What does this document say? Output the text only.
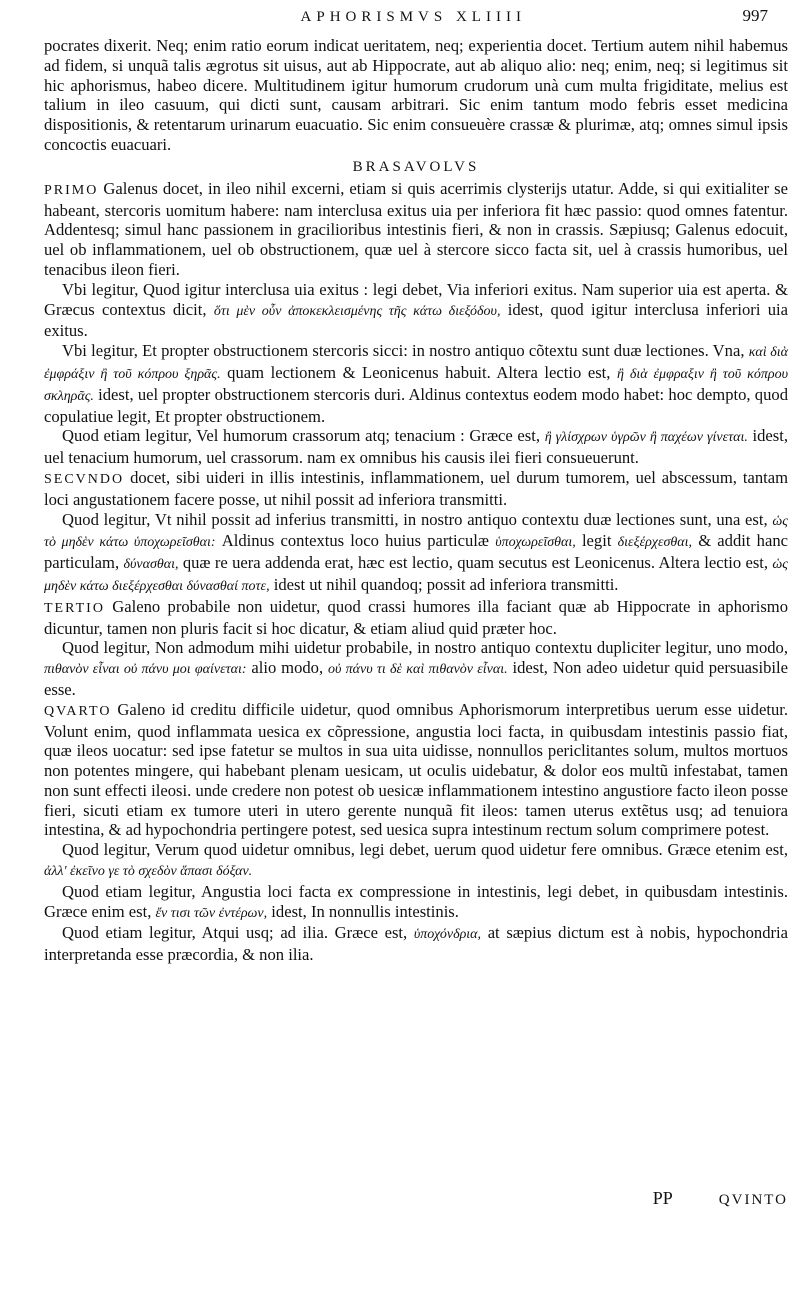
APHORISMVS XLIIII	997

pocrates dixerit. Neq; enim ratio eorum indicat ueritatem, neq; experientia docet. Tertium autem nihil habemus ad fidem, si unquã talis ægrotus sit uisus, aut ab Hippocrate, aut ab aliquo alio: neq; enim, neq; si legitimus sit hic aphorismus, habeo dicere. Multitudinem igitur humorum crudorum unà cum multa frigiditate, melius est talium in ileo casuum, qui dicti sunt, causam arbitrari. Sic enim tantum modo febris esset medicina dispositionis, & retentarum urinarum euacuatio. Sic enim consueuère crassæ & plurimæ, atq; omnes simul ipsis concoctis euacuari.

BRASAVOLVS

PRIMO Galenus docet, in ileo nihil excerni, etiam si quis acerrimis clysterijs utatur. Adde, si qui exitialiter se habeant, stercoris uomitum habere: nam interclusa exitus uia per inferiora fit hæc passio: quod omnes fatentur. Addentesq; simul hanc passionem in gracilioribus intestinis fieri, & non in crassis. Sæpiusq; Galenus edocuit, uel ob inflammationem, uel ob obstructionem, quæ uel à stercore sicco facta sit, uel à crassis humoribus, uel tenacibus ileon fieri.

Vbi legitur, Quod igitur interclusa uia exitus : legi debet, Via inferiori exitus. Nam superior uia est aperta. & Græcus contextus dicit, ὅτι μὲν οὖν ἀποκεκλεισμένης τῆς κάτω διεξόδου, idest, quod igitur interclusa inferiori uia exitus.

Vbi legitur, Et propter obstructionem stercoris sicci: in nostro antiquo cõtextu sunt duæ lectiones. Vna, καὶ διὰ ἐμφράξιν ἢ τοῦ κόπρου ξηρᾶς. quam lectionem & Leonicenus habuit. Altera lectio est, ἢ διὰ ἐμφραξιν ἢ τοῦ κόπρου σκληρᾶς. idest, uel propter obstructionem stercoris duri. Aldinus contextus eodem modo habet: hoc dempto, quod copulatiue legit, Et propter obstructionem.

Quod etiam legitur, Vel humorum crassorum atq; tenacium : Græce est, ἢ γλίσχρων ὑγρῶν ἢ παχέων γίνεται. idest, uel tenacium humorum, uel crassorum. nam ex omnibus his causis ilei fieri consueuerunt.

SECVNDO docet, sibi uideri in illis intestinis, inflammationem, uel durum tumorem, uel abscessum, tantam loci angustationem facere posse, ut nihil possit ad inferiora transmitti.

Quod legitur, Vt nihil possit ad inferius transmitti, in nostro antiquo contextu duæ lectiones sunt, una est, ὡς τὸ μηδὲν κάτω ὑποχωρεῖσθαι: Aldinus contextus loco huius particulæ ὑποχωρεῖσθαι, legit διεξέρχεσθαι, & addit hanc particulam, δύνασθαι, quæ re uera addenda erat, hæc est lectio, quam secutus est Leonicenus. Altera lectio est, ὡς μηδὲν κάτω διεξέρχεσθαι δύνασθαί ποτε, idest ut nihil quandoq; possit ad inferiora transmitti.

TERTIO Galeno probabile non uidetur, quod crassi humores illa faciant quæ ab Hippocrate in aphorismo dicuntur, tamen non pluris facit si hoc dicatur, & etiam aliud quid præter hoc.

Quod legitur, Non admodum mihi uidetur probabile, in nostro antiquo contextu dupliciter legitur, uno modo, πιθανὸν εἶναι οὐ πάνυ μοι φαίνεται: alio modo, οὐ πάνυ τι δὲ καὶ πιθανὸν εἶναι. idest, Non adeo uidetur quid persuasibile esse.

QVARTO Galeno id creditu difficile uidetur, quod omnibus Aphorismorum interpretibus uerum esse uidetur. Volunt enim, quod inflammata uesica ex cõpressione, angustia loci facta, in quibusdam intestinis passio fiat, quæ ileos uocatur: sed ipse fatetur se multos in sua uita uidisse, nonnullos periclitantes solum, multos mortuos non potentes mingere, qui habebant plenam uesicam, ut oculis uidebatur, & dolor eos multũ infestabat, tamen non sunt effecti ileosi. unde credere non potest ob uesicæ inflammationem intestino angustiore facto ileon posse fieri, sicuti etiam ex tumore uteri in utero gerente nunquã fit ileos: tamen uterus extẽtus usq; ad tenuiora intestina, & ad hypochondria pertingere potest, sed uesica supra intestinum rectum solum comprimere potest.

Quod legitur, Verum quod uidetur omnibus, legi debet, uerum quod uidetur fere omnibus. Græce etenim est, ἀλλ' ἐκεῖνο γε τὸ σχεδὸν ἅπασι δόξαν.

Quod etiam legitur, Angustia loci facta ex compressione in intestinis, legi debet, in quibusdam intestinis. Græce enim est, ἔν τισι τῶν ἐντέρων, idest, In nonnullis intestinis.

Quod etiam legitur, Atqui usq; ad ilia. Græce est, ὑποχόνδρια, at sæpius dictum est à nobis, hypochondria interpretanda esse præcordia, & non ilia.

PP	QVINTO
